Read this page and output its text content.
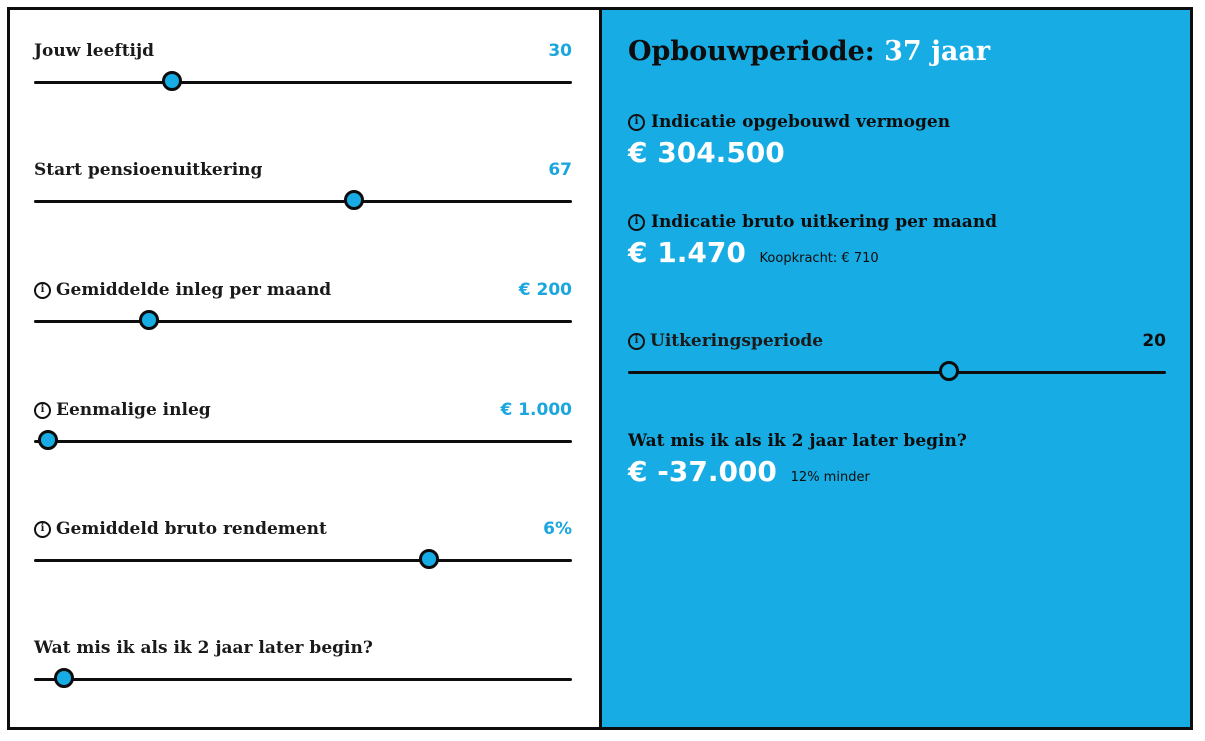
Jouw leeftijd	30
Start pensioenuitkering	67
i Gemiddelde inleg per maand	€ 200
i Eenmalige inleg	€ 1.000
i Gemiddeld bruto rendement	6%
Wat mis ik als ik 2 jaar later begin?
Opbouwperiode: 37 jaar
i Indicatie opgebouwd vermogen
€ 304.500
i Indicatie bruto uitkering per maand
€ 1.470 Koopkracht: € 710
i Uitkeringsperiode	20
Wat mis ik als ik 2 jaar later begin?
€ -37.000 12% minder
